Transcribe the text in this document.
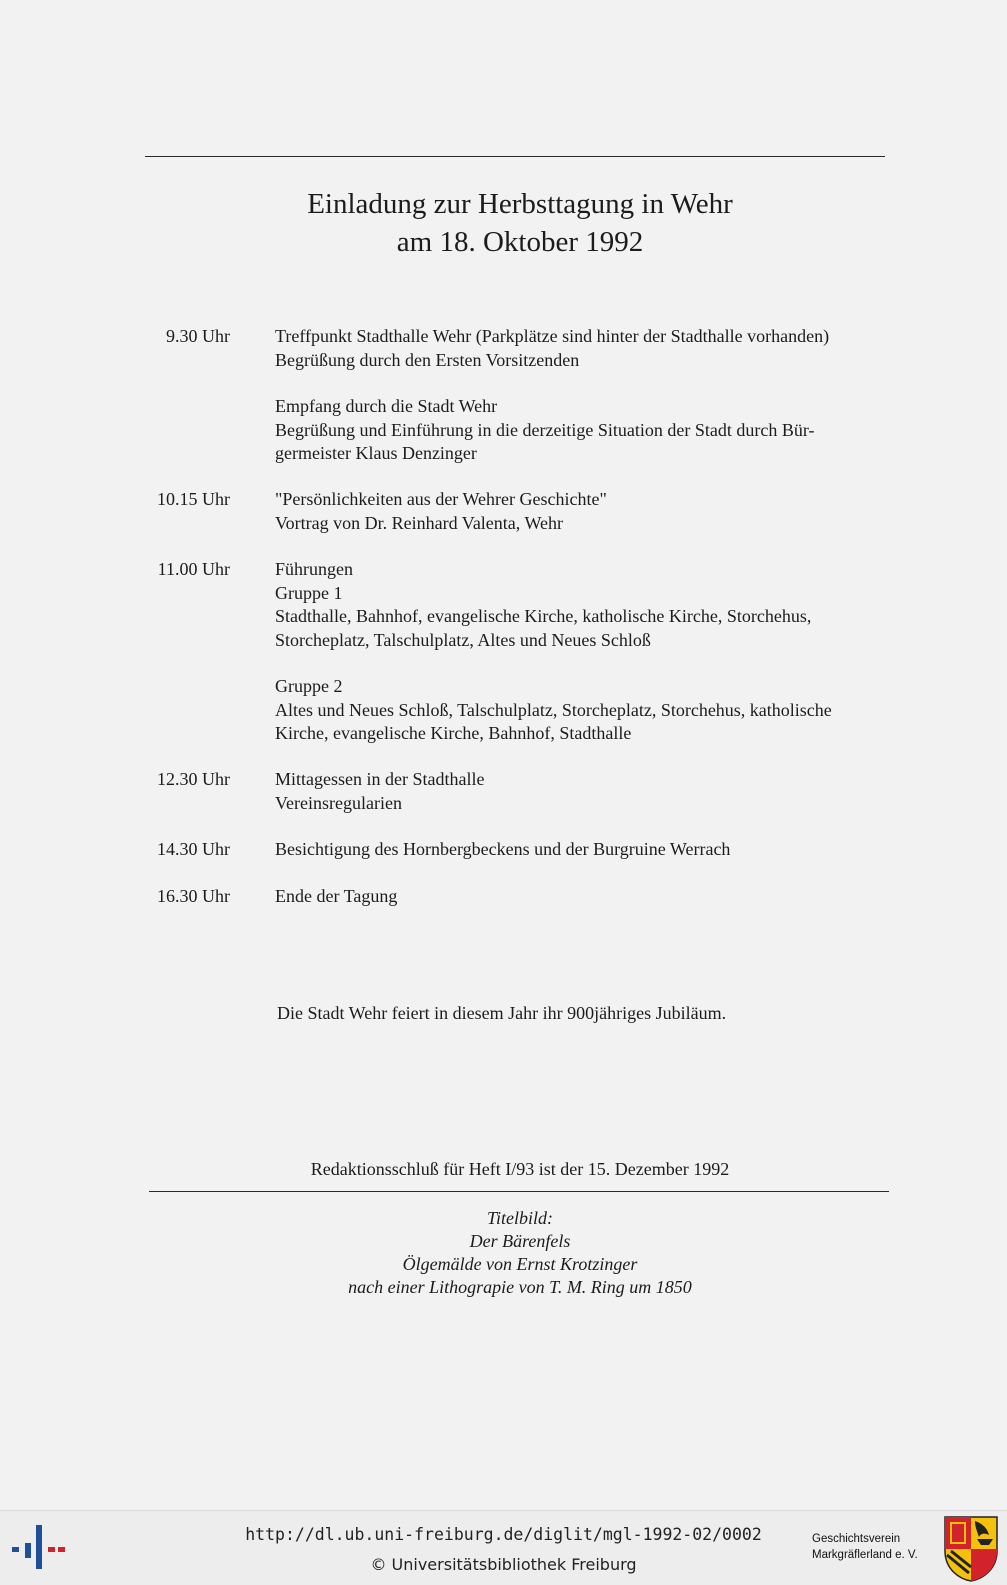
Einladung zur Herbsttagung in Wehr
am 18. Oktober 1992
9.30 Uhr	Treffpunkt Stadthalle Wehr (Parkplätze sind hinter der Stadthalle vorhanden)

Begrüßung durch den Ersten Vorsitzenden

Empfang durch die Stadt Wehr

Begrüßung und Einführung in die derzeitige Situation der Stadt durch Bür-

germeister Klaus Denzinger

10.15 Uhr	"Persönlichkeiten aus der Wehrer Geschichte"

Vortrag von Dr. Reinhard Valenta, Wehr

11.00 Uhr	Führungen

Gruppe 1

Stadthalle, Bahnhof, evangelische Kirche, katholische Kirche, Storchehus,

Storcheplatz, Talschulplatz, Altes und Neues Schloß

Gruppe 2

Altes und Neues Schloß, Talschulplatz, Storcheplatz, Storchehus, katholische

Kirche, evangelische Kirche, Bahnhof, Stadthalle

12.30 Uhr	Mittagessen in der Stadthalle

Vereinsregularien

14.30 Uhr	Besichtigung des Hornbergbeckens und der Burgruine Werrach

16.30 Uhr	Ende der Tagung

Die Stadt Wehr feiert in diesem Jahr ihr 900jähriges Jubiläum.
Redaktionsschluß für Heft I/93 ist der 15. Dezember 1992
Titelbild:
Der Bärenfels
Ölgemälde von Ernst Krotzinger
nach einer Lithograpie von T. M. Ring um 1850
http://dl.ub.uni-freiburg.de/diglit/mgl-1992-02/0002
© Universitätsbibliothek Freiburg
Geschichtsverein
Markgräflerland e. V.
